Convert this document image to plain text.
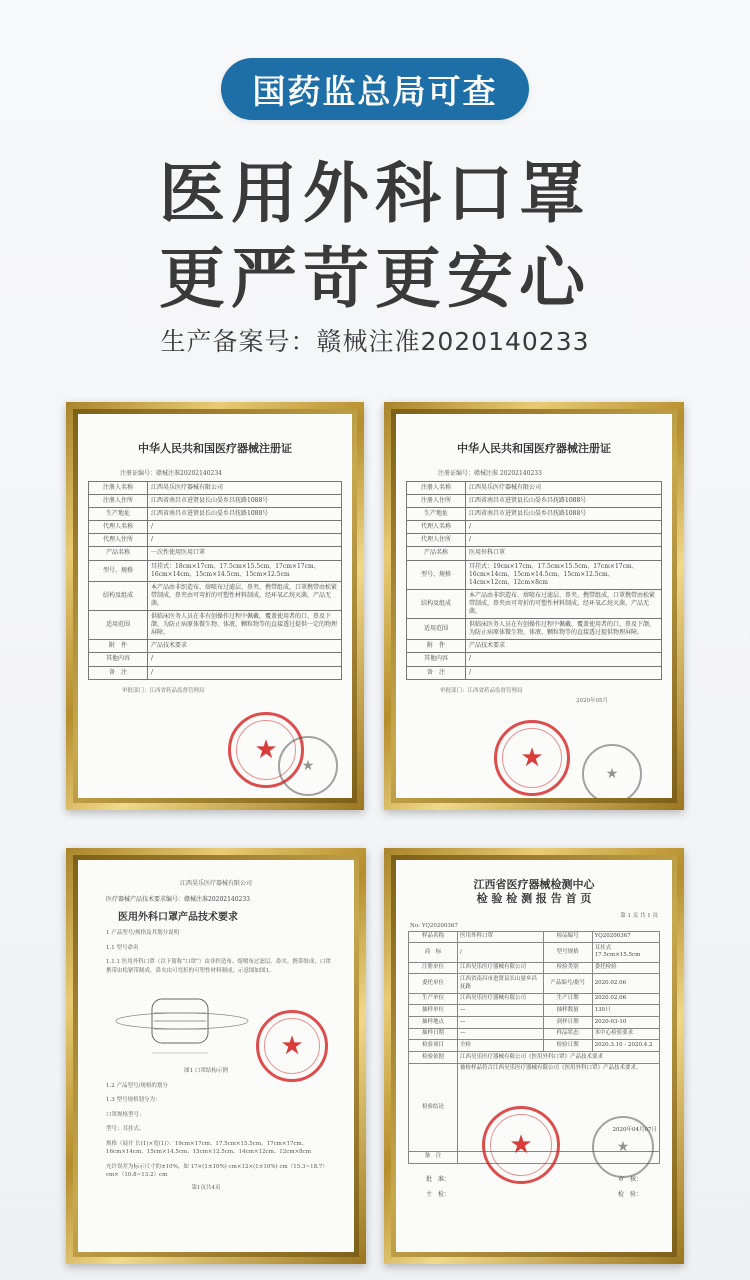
国药监总局可查
医用外科口罩
更严苛更安心
生产备案号：赣械注准2020140233
中华人民共和国医疗器械注册证
注册证编号：赣械注准20202140234
注册人名称	江西昊乐医疗器械有限公司
注册人住所	江西省南昌市进贤县长山晏乡昌抚路1088号
生产地址	江西省南昌市进贤县长山晏乡昌抚路1088号
代理人名称	/
代理人住所	/
产品名称	一次性使用医用口罩
型号、规格	耳挂式：18cm×17cm、17.5cm×15.5cm、17cm×17cm、16cm×14cm、15cm×14.5cm、15cm×12.5cm
结构及组成	本产品由非织造布、熔喷布过滤层、鼻夹、携带组成，口罩携带由松紧带制成，鼻夹由可弯折的可塑性材料制成，经环氧乙烷灭菌，产品无菌。
适用范围	供临床医务人员在非有创操作过程中佩戴，覆盖使用者的口、鼻及下颌，为防止病原体微生物、体液、颗粒物等的直接透过提供一定的物理屏障。
附　件	产品技术要求
其他内容	/
备　注	/
审批部门：江西省药品监督管理局
★
★
中华人民共和国医疗器械注册证
注册证编号：赣械注准 20202140233
注册人名称	江西昊乐医疗器械有限公司
注册人住所	江西省南昌市进贤县长山晏乡昌抚路1088号
生产地址	江西省南昌市进贤县长山晏乡昌抚路1088号
代理人名称	/
代理人住所	/
产品名称	医用外科口罩
型号、规格	耳挂式：19cm×17cm、17.5cm×15.5cm、17cm×17cm、16cm×14cm、15cm×14.5cm、15cm×12.5cm、14cm×12cm、12cm×8cm
结构及组成	本产品由非织造布、熔喷布过滤层、鼻夹、携带组成，口罩携带由松紧带制成，鼻夹由可弯折的可塑性材料制成，经环氧乙烷灭菌，产品无菌。
适用范围	供临床医务人员在有创操作过程中佩戴，覆盖使用者的口、鼻及下颌，为防止病原体微生物、体液、颗粒物等的直接透过提供物理屏障。
附　件	产品技术要求
其他内容	/
备　注	/
审批部门：江西省药品监督管理局
2020年05月
★
★
江西昊乐医疗器械有限公司
医疗器械产品技术要求编号：赣械注准20202140233
医用外科口罩产品技术要求
1 产品型号/规格及其划分说明
1.1 型号命名
1.1.1 医用外科口罩（以下简称“口罩”）由非织造布、熔喷布过滤层、鼻夹、携带组成，口罩携带由松紧带制成，鼻夹由可弯折的可塑性材料制成，示意图如图1。
图1 口罩结构示例
1.2 产品型号/规格的划分
1.3 型号规格划分为：
口罩规格型号：
型号：耳挂式。
规格（展开 长(1)×宽(1)）：19cm×17cm、17.5cm×15.5cm、17cm×17cm、16cm×14cm、15cm×14.5cm、15cm×12.5cm、14cm×12cm、12cm×8cm
允许误差为标示尺寸的±10%，如 17×(1±10%) cm×12×(1±10%) cm（15.3~18.7）cm×（10.8~13.2）cm
第1页共4页
★
江西省医疗器械检测中心
检 验 检 测 报 告 首 页
第 1 页 共 1 页
No: YQ20200367
样品名称	医用外科口罩	检品编号	YQ20200367
商　标	/	型号规格	耳挂式 17.5cm×15.5cm
注册单位	江西昊乐医疗器械有限公司	检验类别	委托检验
委托单位	江西省南昌市进贤县长山晏乡昌抚路	产品编号/批号	2020.02.06
生产单位	江西昊乐医疗器械有限公司	生产日期	2020.02.06
抽样单位	—	抽样数量	130只
抽样地点	—	到样日期	2020-03-10
抽样日期	—	样品状态	本中心检验要求
检验项目	全检	检验日期	2020.3.10 - 2020.4.2
检验依据	江西昊乐医疗器械有限公司《医用外科口罩》产品技术要求		
检验结论	被检样品符合江西昊乐医疗器械有限公司《医用外科口罩》产品技术要求。
2020年04月07日		

备　注			
批　准：	审　核：
主　检：	检　验：
★	★
